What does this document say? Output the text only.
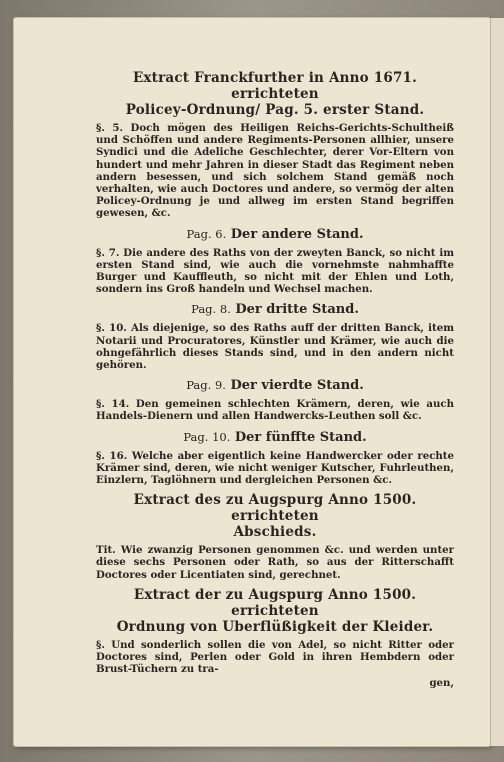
Extract Franckfurther in Anno 1671. errichteten
Policey-Ordnung/ Pag. 5. erster Stand.

§. 5. Doch mögen des Heiligen Reichs-Gerichts-Schultheiß und Schöffen und andere Regiments-Personen allhier, unsere Syndici und die Adeliche Geschlechter, derer Vor-Eltern von hundert und mehr Jahren in dieser Stadt das Regiment neben andern besessen, und sich solchem Stand gemäß noch verhalten, wie auch Doctores und andere, so vermög der alten Policey-Ordnung je und allweg im ersten Stand begriffen gewesen, &c.

Pag. 6. Der andere Stand.

§. 7. Die andere des Raths von der zweyten Banck, so nicht im ersten Stand sind, wie auch die vornehmste nahmhaffte Burger und Kauffleuth, so nicht mit der Ehlen und Loth, sondern ins Groß handeln und Wechsel machen.

Pag. 8. Der dritte Stand.

§. 10. Als diejenige, so des Raths auff der dritten Banck, item Notarii und Procuratores, Künstler und Krämer, wie auch die ohngefährlich dieses Stands sind, und in den andern nicht gehören.

Pag. 9. Der vierdte Stand.

§. 14. Den gemeinen schlechten Krämern, deren, wie auch Handels-Dienern und allen Handwercks-Leuthen soll &c.

Pag. 10. Der fünffte Stand.

§. 16. Welche aber eigentlich keine Handwercker oder rechte Krämer sind, deren, wie nicht weniger Kutscher, Fuhrleuthen, Einzlern, Taglöhnern und dergleichen Personen &c.

Extract des zu Augspurg Anno 1500. errichteten
Abschieds.

Tit. Wie zwanzig Personen genommen &c. und werden unter diese sechs Personen oder Rath, so aus der Ritterschafft Doctores oder Licentiaten sind, gerechnet.

Extract der zu Augspurg Anno 1500. errichteten
Ordnung von Uberflüßigkeit der Kleider.

§. Und sonderlich sollen die von Adel, so nicht Ritter oder Doctores sind, Perlen oder Gold in ihren Hembdern oder Brust-Tüchern zu tra-

gen,
